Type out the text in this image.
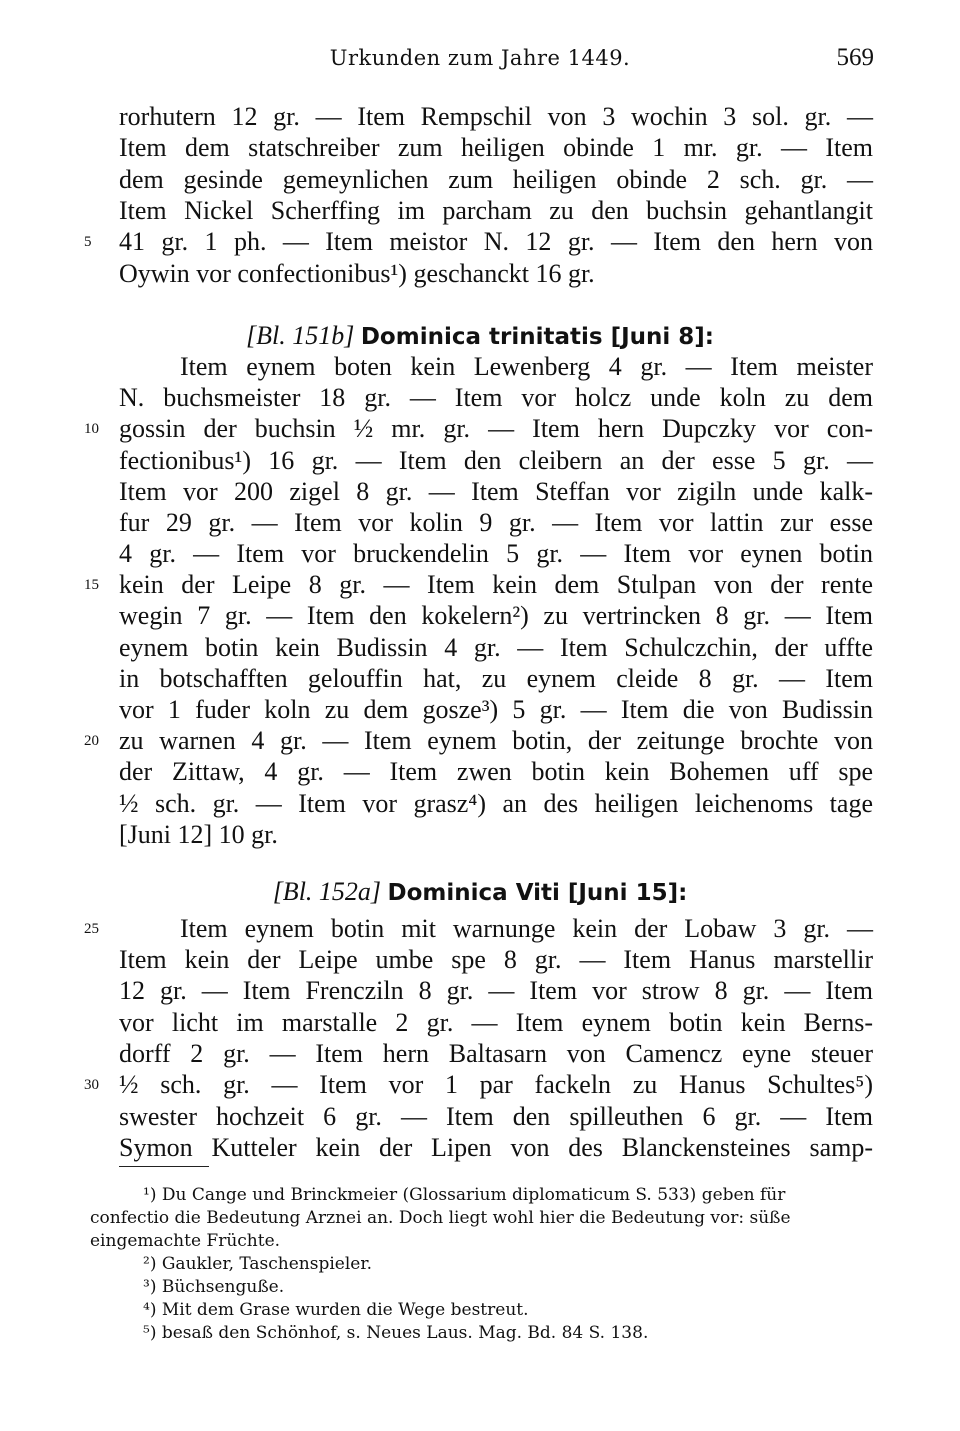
Urkunden zum Jahre 1449.	569
rorhutern 12 gr. — Item Rempschil von 3 wochin 3 sol. gr. —
Item dem statschreiber zum heiligen obinde 1 mr. gr. — Item
dem gesinde gemeynlichen zum heiligen obinde 2 sch. gr. —
Item Nickel Scherffing im parcham zu den buchsin gehantlangit
41 gr. 1 ph. — Item meistor N. 12 gr. — Item den hern von
Oywin vor confectionibus¹) geschanckt 16 gr.
[Bl. 151b] Dominica trinitatis [Juni 8]:
Item eynem boten kein Lewenberg 4 gr. — Item meister
N. buchsmeister 18 gr. — Item vor holcz unde koln zu dem
gossin der buchsin ½ mr. gr. — Item hern Dupczky vor con-
fectionibus¹) 16 gr. — Item den cleibern an der esse 5 gr. —
Item vor 200 zigel 8 gr. — Item Steffan vor zigiln unde kalk-
fur 29 gr. — Item vor kolin 9 gr. — Item vor lattin zur esse
4 gr. — Item vor bruckendelin 5 gr. — Item vor eynen botin
kein der Leipe 8 gr. — Item kein dem Stulpan von der rente
wegin 7 gr. — Item den kokelern²) zu vertrincken 8 gr. — Item
eynem botin kein Budissin 4 gr. — Item Schulczchin, der uffte
in botschafften gelouffin hat, zu eynem cleide 8 gr. — Item
vor 1 fuder koln zu dem gosze³) 5 gr. — Item die von Budissin
zu warnen 4 gr. — Item eynem botin, der zeitunge brochte von
der Zittaw, 4 gr. — Item zwen botin kein Bohemen uff spe
½ sch. gr. — Item vor grasz⁴) an des heiligen leichenoms tage
[Juni 12] 10 gr.
[Bl. 152a] Dominica Viti [Juni 15]:
Item eynem botin mit warnunge kein der Lobaw 3 gr. —
Item kein der Leipe umbe spe 8 gr. — Item Hanus marstellir
12 gr. — Item Frencziln 8 gr. — Item vor strow 8 gr. — Item
vor licht im marstalle 2 gr. — Item eynem botin kein Berns-
dorff 2 gr. — Item hern Baltasarn von Camencz eyne steuer
½ sch. gr. — Item vor 1 par fackeln zu Hanus Schultes⁵)
swester hochzeit 6 gr. — Item den spilleuthen 6 gr. — Item
Symon Kutteler kein der Lipen von des Blanckensteines samp-
5
10
15
20
25
30
¹) Du Cange und Brinckmeier (Glossarium diplomaticum S. 533) geben für
confectio die Bedeutung Arznei an. Doch liegt wohl hier die Bedeutung vor: süße
eingemachte Früchte.
²) Gaukler, Taschenspieler.
³) Büchsenguße.
⁴) Mit dem Grase wurden die Wege bestreut.
⁵) besaß den Schönhof, s. Neues Laus. Mag. Bd. 84 S. 138.
